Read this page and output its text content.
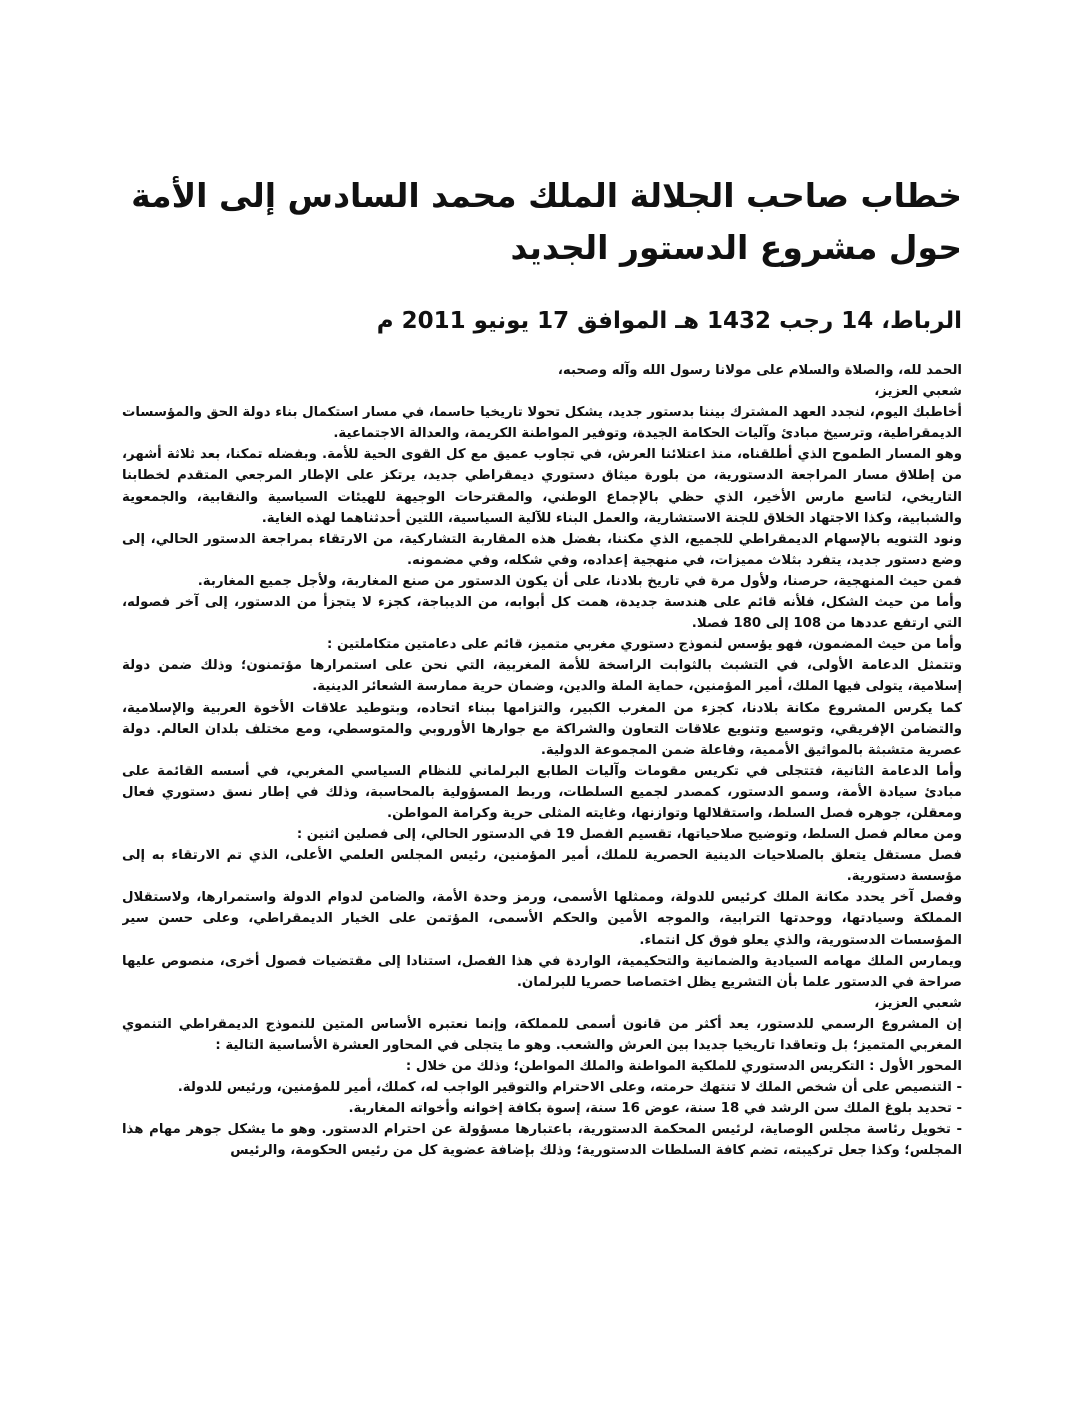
خطاب صاحب الجلالة الملك محمد السادس إلى الأمة
حول مشروع الدستور الجديد
الرباط، 14 رجب 1432 هـ الموافق 17 يونيو 2011 م

الحمد لله، والصلاة والسلام على مولانا رسول الله وآله وصحبه،

شعبي العزيز،

أخاطبك اليوم، لنجدد العهد المشترك بيننا بدستور جديد، يشكل تحولا تاريخيا حاسما، في مسار استكمال بناء دولة الحق والمؤسسات الديمقراطية، وترسيخ مبادئ وآليات الحكامة الجيدة، وتوفير المواطنة الكريمة، والعدالة الاجتماعية.

وهو المسار الطموح الذي أطلقناه، منذ اعتلائنا العرش، في تجاوب عميق مع كل القوى الحية للأمة. وبفضله تمكنا، بعد ثلاثة أشهر، من إطلاق مسار المراجعة الدستورية، من بلورة ميثاق دستوري ديمقراطي جديد، يرتكز على الإطار المرجعي المتقدم لخطابنا التاريخي، لتاسع مارس الأخير، الذي حظي بالإجماع الوطني، والمقترحات الوجيهة للهيئات السياسية والنقابية، والجمعوية والشبابية، وكذا الاجتهاد الخلاق للجنة الاستشارية، والعمل البناء للآلية السياسية، اللتين أحدثناهما لهذه الغاية.

ونود التنويه بالإسهام الديمقراطي للجميع، الذي مكننا، بفضل هذه المقاربة التشاركية، من الارتقاء بمراجعة الدستور الحالي، إلى وضع دستور جديد، يتفرد بثلاث مميزات، في منهجية إعداده، وفي شكله، وفي مضمونه.

فمن حيث المنهجية، حرصنا، ولأول مرة في تاريخ بلادنا، على أن يكون الدستور من صنع المغاربة، ولأجل جميع المغاربة.

وأما من حيث الشكل، فلأنه قائم على هندسة جديدة، همت كل أبوابه، من الديباجة، كجزء لا يتجزأ من الدستور، إلى آخر فصوله، التي ارتفع عددها من 108 إلى 180 فصلا.

وأما من حيث المضمون، فهو يؤسس لنموذج دستوري مغربي متميز، قائم على دعامتين متكاملتين :

وتتمثل الدعامة الأولى، في التشبث بالثوابت الراسخة للأمة المغربية، التي نحن على استمرارها مؤتمنون؛ وذلك ضمن دولة إسلامية، يتولى فيها الملك، أمير المؤمنين، حماية الملة والدين، وضمان حرية ممارسة الشعائر الدينية.

كما يكرس المشروع مكانة بلادنا، كجزء من المغرب الكبير، والتزامها ببناء اتحاده، وبتوطيد علاقات الأخوة العربية والإسلامية، والتضامن الإفريقي، وتوسيع وتنويع علاقات التعاون والشراكة مع جوارها الأوروبي والمتوسطي، ومع مختلف بلدان العالم. دولة عصرية متشبثة بالمواثيق الأممية، وفاعلة ضمن المجموعة الدولية.

وأما الدعامة الثانية، فتتجلى في تكريس مقومات وآليات الطابع البرلماني للنظام السياسي المغربي، في أسسه القائمة على مبادئ سيادة الأمة، وسمو الدستور، كمصدر لجميع السلطات، وربط المسؤولية بالمحاسبة، وذلك في إطار نسق دستوري فعال ومعقلن، جوهره فصل السلط، واستقلالها وتوازنها، وغايته المثلى حرية وكرامة المواطن.

ومن معالم فصل السلط، وتوضيح صلاحياتها، تقسيم الفصل 19 في الدستور الحالي، إلى فصلين اثنين :

فصل مستقل يتعلق بالصلاحيات الدينية الحصرية للملك، أمير المؤمنين، رئيس المجلس العلمي الأعلى، الذي تم الارتقاء به إلى مؤسسة دستورية.

وفصل آخر يحدد مكانة الملك كرئيس للدولة، وممثلها الأسمى، ورمز وحدة الأمة، والضامن لدوام الدولة واستمرارها، ولاستقلال المملكة وسيادتها، ووحدتها الترابية، والموجه الأمين والحكم الأسمى، المؤتمن على الخيار الديمقراطي، وعلى حسن سير المؤسسات الدستورية، والذي يعلو فوق كل انتماء.

ويمارس الملك مهامه السيادية والضمانية والتحكيمية، الواردة في هذا الفصل، استنادا إلى مقتضيات فصول أخرى، منصوص عليها صراحة في الدستور علما بأن التشريع يظل اختصاصا حصريا للبرلمان.

شعبي العزيز،

إن المشروع الرسمي للدستور، يعد أكثر من قانون أسمى للمملكة، وإنما نعتبره الأساس المتين للنموذج الديمقراطي التنموي المغربي المتميز؛ بل وتعاقدا تاريخيا جديدا بين العرش والشعب. وهو ما يتجلى في المحاور العشرة الأساسية التالية :

المحور الأول : التكريس الدستوري للملكية المواطنة والملك المواطن؛ وذلك من خلال :

- التنصيص على أن شخص الملك لا تنتهك حرمته، وعلى الاحترام والتوقير الواجب له، كملك، أمير للمؤمنين، ورئيس للدولة.

- تحديد بلوغ الملك سن الرشد في 18 سنة، عوض 16 سنة، إسوة بكافة إخوانه وأخواته المغاربة.

- تخويل رئاسة مجلس الوصاية، لرئيس المحكمة الدستورية، باعتبارها مسؤولة عن احترام الدستور. وهو ما يشكل جوهر مهام هذا المجلس؛ وكذا جعل تركيبته، تضم كافة السلطات الدستورية؛ وذلك بإضافة عضوية كل من رئيس الحكومة، والرئيس
